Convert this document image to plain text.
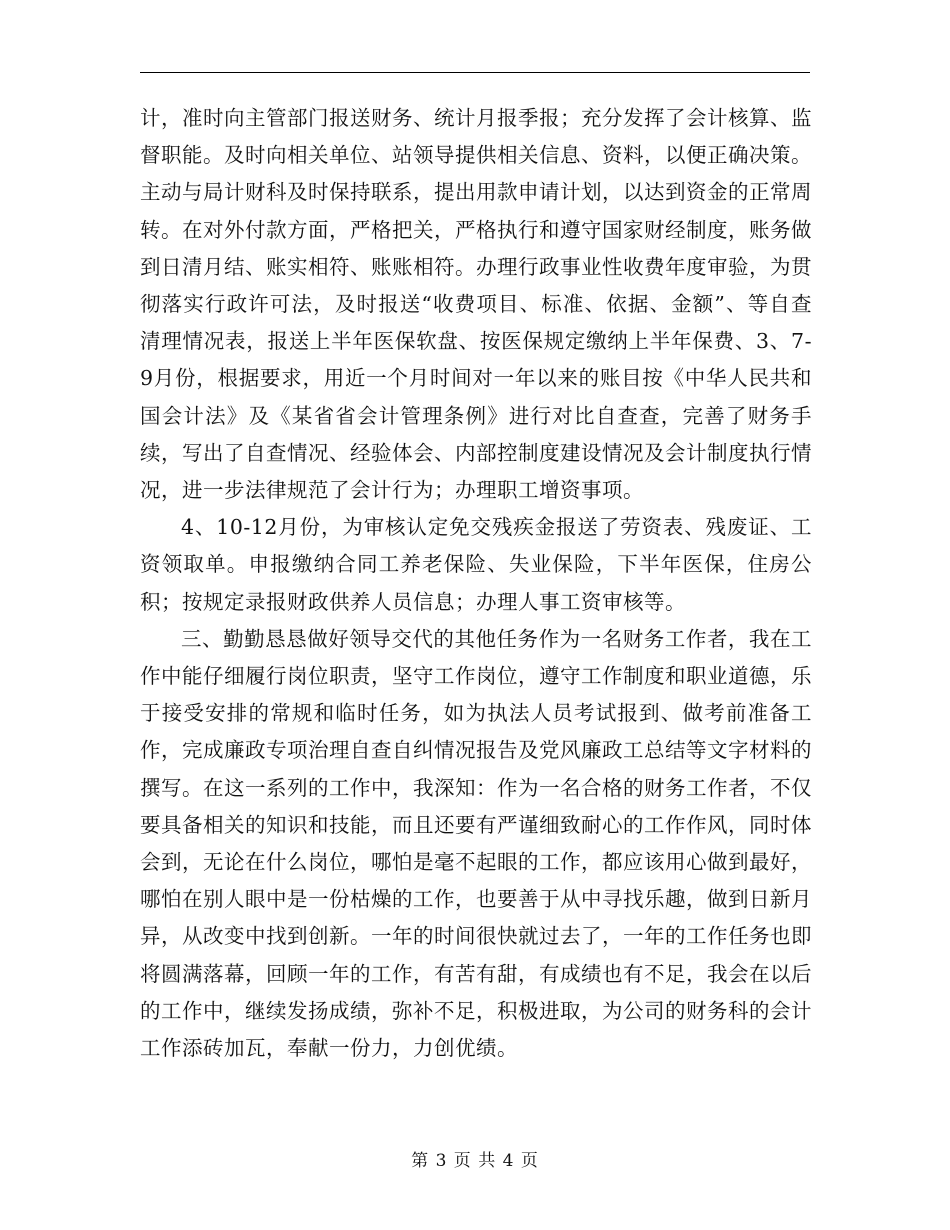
计，准时向主管部门报送财务、统计月报季报；充分发挥了会计核算、监督职能。及时向相关单位、站领导提供相关信息、资料，以便正确决策。主动与局计财科及时保持联系，提出用款申请计划，以达到资金的正常周转。在对外付款方面，严格把关，严格执行和遵守国家财经制度，账务做到日清月结、账实相符、账账相符。办理行政事业性收费年度审验，为贯彻落实行政许可法，及时报送“收费项目、标准、依据、金额”、等自查清理情况表，报送上半年医保软盘、按医保规定缴纳上半年保费、3、7-9月份，根据要求，用近一个月时间对一年以来的账目按《中华人民共和国会计法》及《某省省会计管理条例》进行对比自查查，完善了财务手续，写出了自查情况、经验体会、内部控制度建设情况及会计制度执行情况，进一步法律规范了会计行为；办理职工增资事项。

4、10-12月份，为审核认定免交残疾金报送了劳资表、残废证、工资领取单。申报缴纳合同工养老保险、失业保险，下半年医保，住房公积；按规定录报财政供养人员信息；办理人事工资审核等。

三、勤勤恳恳做好领导交代的其他任务作为一名财务工作者，我在工作中能仔细履行岗位职责，坚守工作岗位，遵守工作制度和职业道德，乐于接受安排的常规和临时任务，如为执法人员考试报到、做考前准备工作，完成廉政专项治理自查自纠情况报告及党风廉政工总结等文字材料的撰写。在这一系列的工作中，我深知：作为一名合格的财务工作者，不仅要具备相关的知识和技能，而且还要有严谨细致耐心的工作作风，同时体会到，无论在什么岗位，哪怕是毫不起眼的工作，都应该用心做到最好，哪怕在别人眼中是一份枯燥的工作，也要善于从中寻找乐趣，做到日新月异，从改变中找到创新。一年的时间很快就过去了，一年的工作任务也即将圆满落幕，回顾一年的工作，有苦有甜，有成绩也有不足，我会在以后的工作中，继续发扬成绩，弥补不足，积极进取，为公司的财务科的会计工作添砖加瓦，奉献一份力，力创优绩。

第 3 页 共 4 页
